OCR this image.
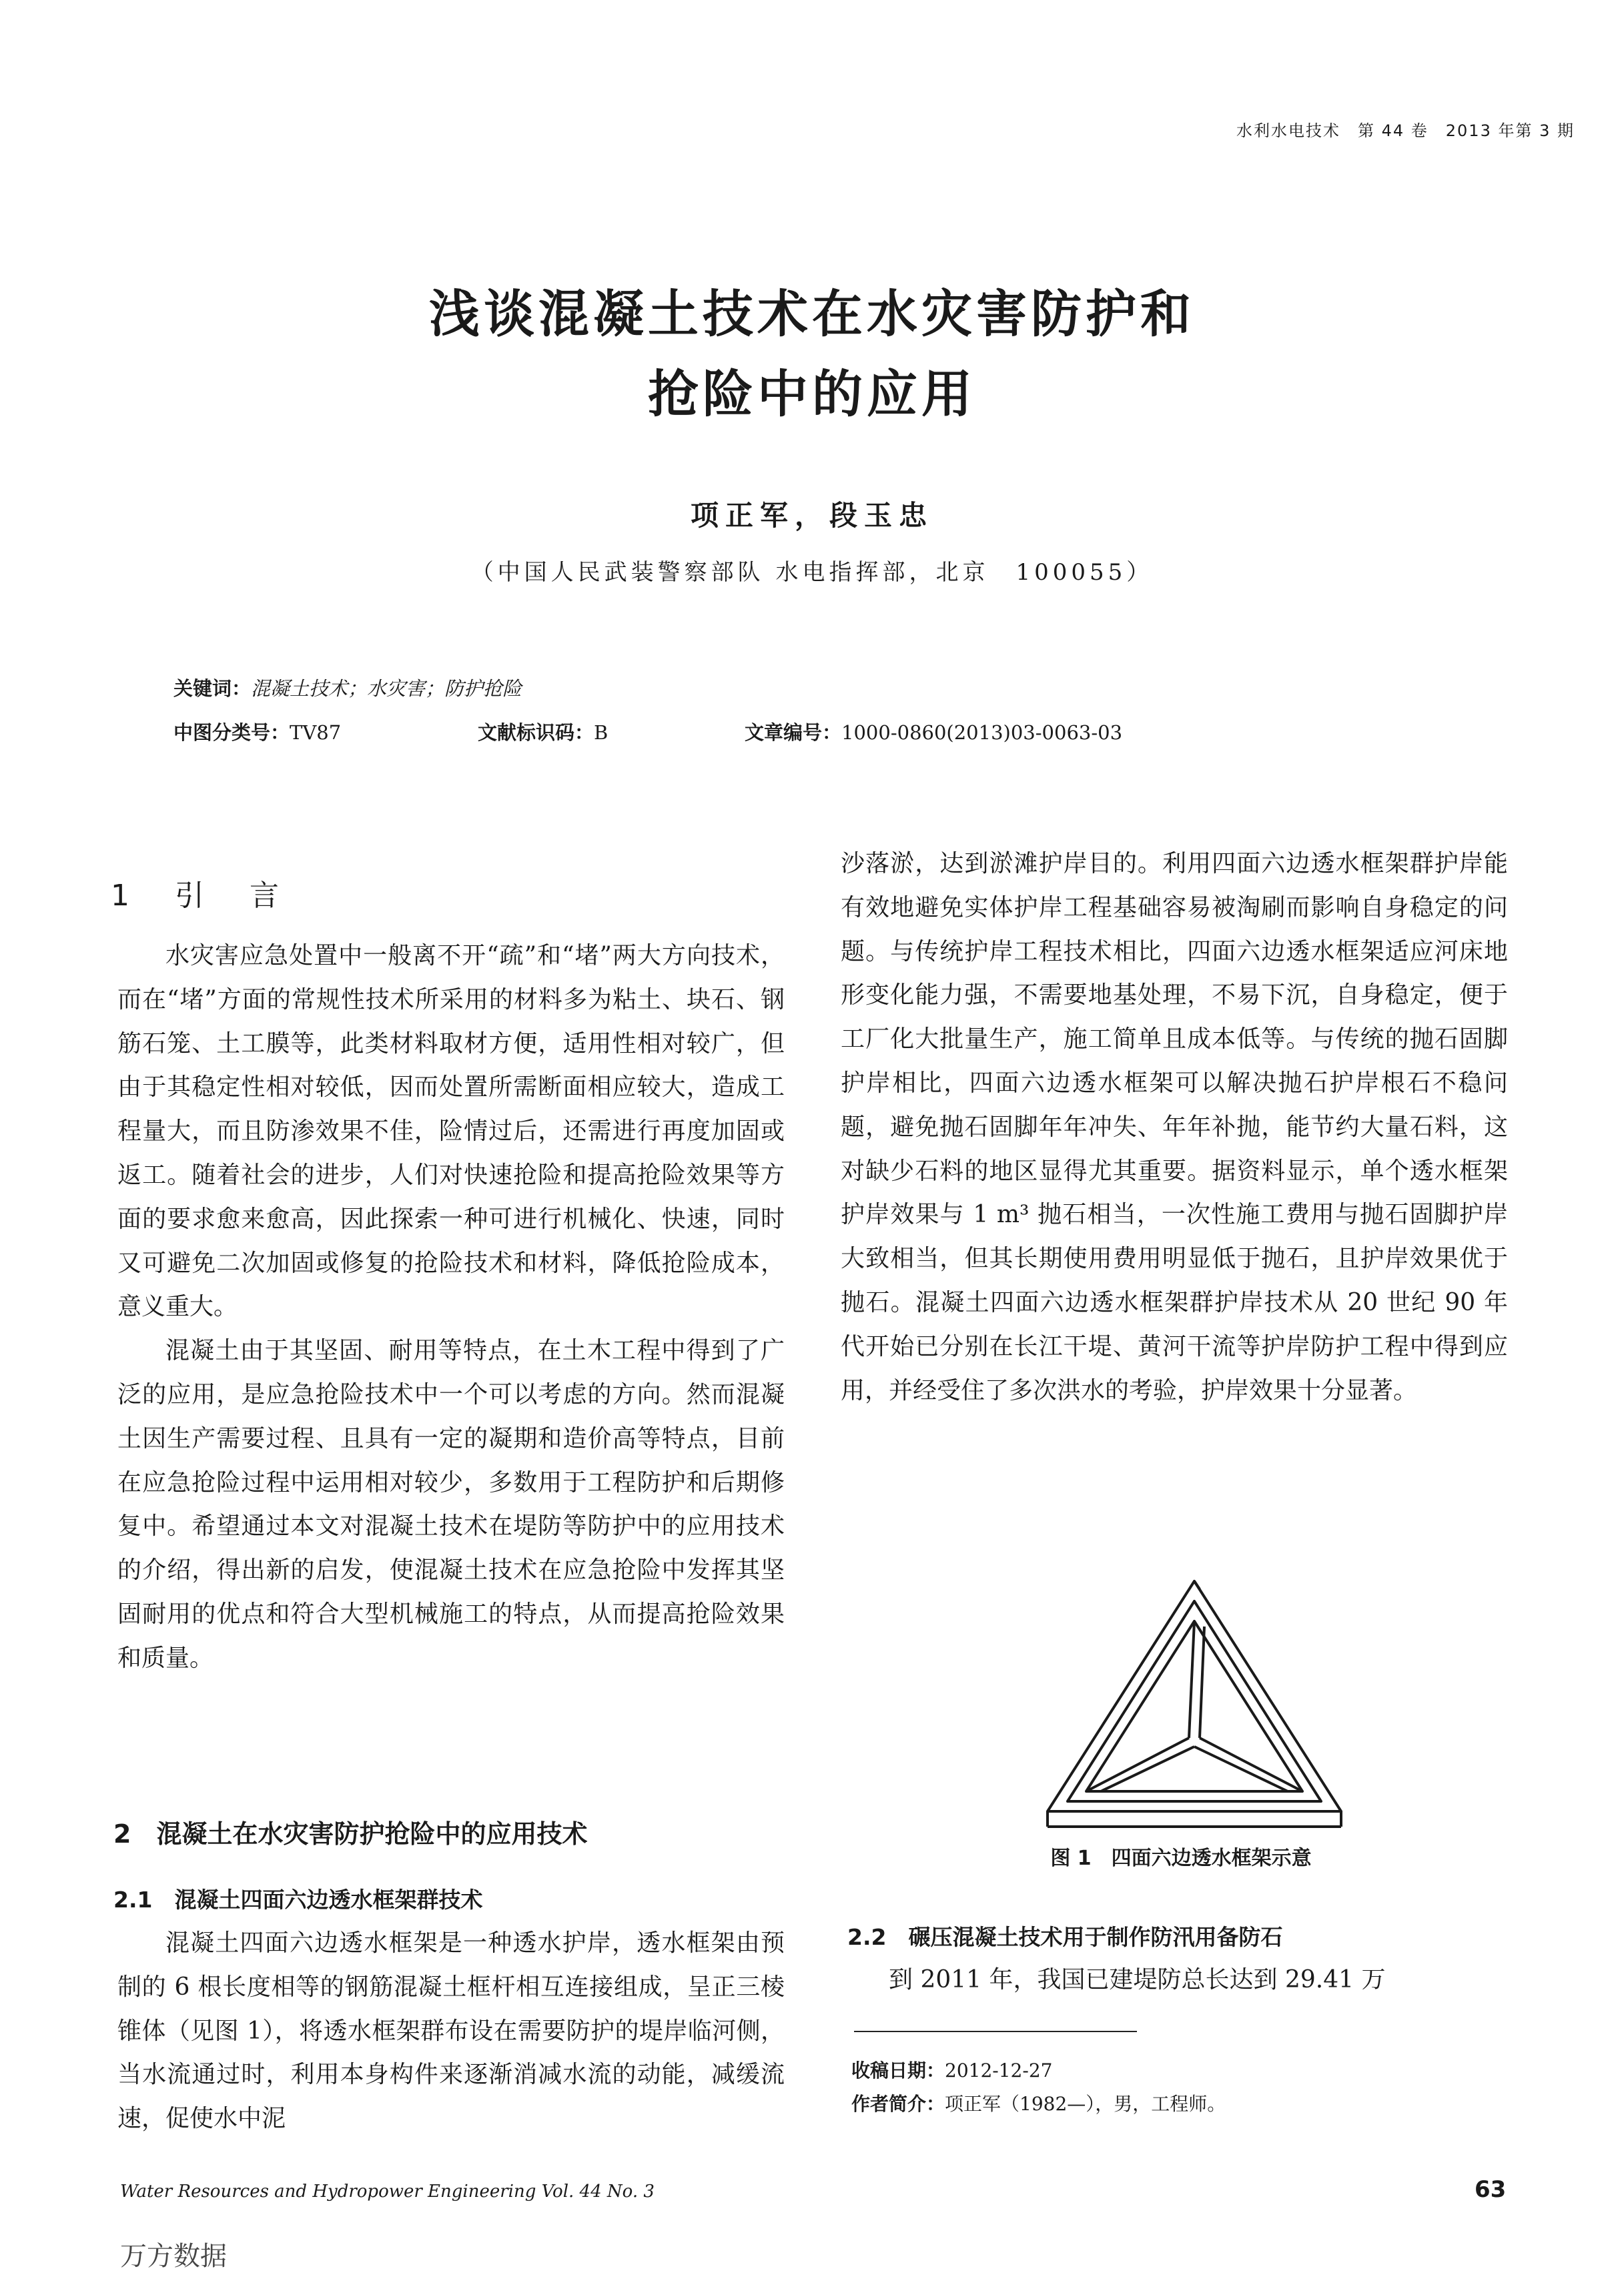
水利水电技术　第 44 卷　2013 年第 3 期
浅谈混凝土技术在水灾害防护和
抢险中的应用
项正军，段玉忠
（中国人民武装警察部队 水电指挥部，北京　100055）
关键词：混凝土技术；水灾害；防护抢险
中图分类号：TV87	文献标识码：B	文章编号：1000-0860(2013)03-0063-03
1　引　言

水灾害应急处置中一般离不开“疏”和“堵”两大方向技术，而在“堵”方面的常规性技术所采用的材料多为粘土、块石、钢筋石笼、土工膜等，此类材料取材方便，适用性相对较广，但由于其稳定性相对较低，因而处置所需断面相应较大，造成工程量大，而且防渗效果不佳，险情过后，还需进行再度加固或返工。随着社会的进步，人们对快速抢险和提高抢险效果等方面的要求愈来愈高，因此探索一种可进行机械化、快速，同时又可避免二次加固或修复的抢险技术和材料，降低抢险成本，意义重大。

混凝土由于其坚固、耐用等特点，在土木工程中得到了广泛的应用，是应急抢险技术中一个可以考虑的方向。然而混凝土因生产需要过程、且具有一定的凝期和造价高等特点，目前在应急抢险过程中运用相对较少，多数用于工程防护和后期修复中。希望通过本文对混凝土技术在堤防等防护中的应用技术的介绍，得出新的启发，使混凝土技术在应急抢险中发挥其坚固耐用的优点和符合大型机械施工的特点，从而提高抢险效果和质量。

2　混凝土在水灾害防护抢险中的应用技术
2.1　混凝土四面六边透水框架群技术

混凝土四面六边透水框架是一种透水护岸，透水框架由预制的 6 根长度相等的钢筋混凝土框杆相互连接组成，呈正三棱锥体（见图 1），将透水框架群布设在需要防护的堤岸临河侧，当水流通过时，利用本身构件来逐渐消减水流的动能，减缓流速，促使水中泥

沙落淤，达到淤滩护岸目的。利用四面六边透水框架群护岸能有效地避免实体护岸工程基础容易被淘刷而影响自身稳定的问题。与传统护岸工程技术相比，四面六边透水框架适应河床地形变化能力强，不需要地基处理，不易下沉，自身稳定，便于工厂化大批量生产，施工简单且成本低等。与传统的抛石固脚护岸相比，四面六边透水框架可以解决抛石护岸根石不稳问题，避免抛石固脚年年冲失、年年补抛，能节约大量石料，这对缺少石料的地区显得尤其重要。据资料显示，单个透水框架护岸效果与 1 m³ 抛石相当，一次性施工费用与抛石固脚护岸大致相当，但其长期使用费用明显低于抛石，且护岸效果优于抛石。混凝土四面六边透水框架群护岸技术从 20 世纪 90 年代开始已分别在长江干堤、黄河干流等护岸防护工程中得到应用，并经受住了多次洪水的考验，护岸效果十分显著。

图 1　四面六边透水框架示意
2.2　碾压混凝土技术用于制作防汛用备防石

到 2011 年，我国已建堤防总长达到 29.41 万

收稿日期：2012-12-27
作者简介：项正军（1982—），男，工程师。
Water Resources and Hydropower Engineering Vol. 44 No. 3	63
万方数据
